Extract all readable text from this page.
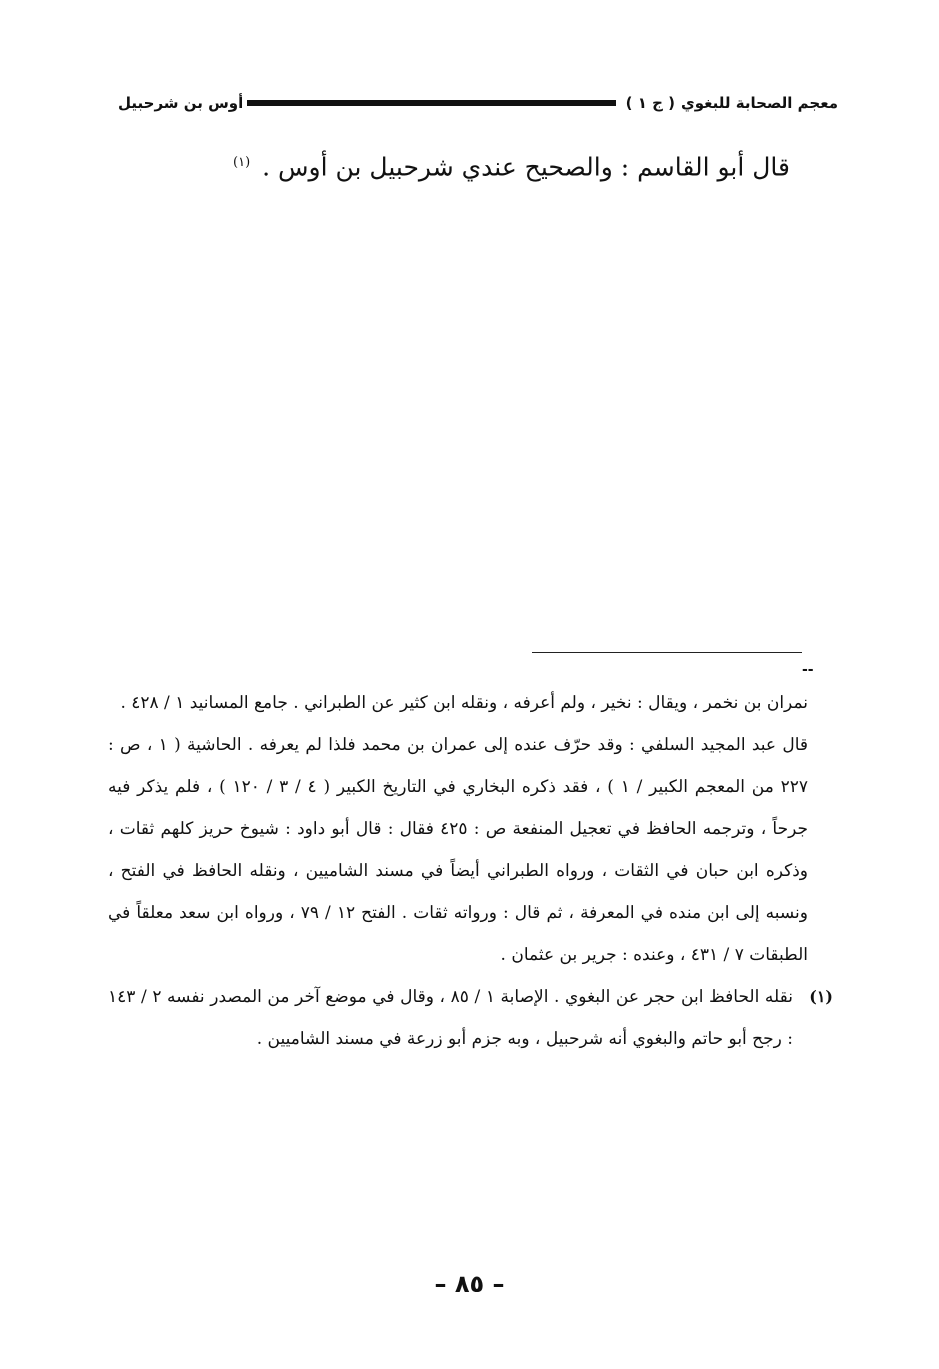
معجم الصحابة للبغوي
( ج ١ )
أوس بن شرحبيل
قال أبو القاسم : والصحيح عندي شرحبيل بن أوس . $^{(١)}$
--

نمران بن نخمر ، ويقال : نخير ، ولم أعرفه ، ونقله ابن كثير عن الطبراني . جامع المسانيد ١ / ٤٢٨ .

قال عبد المجيد السلفي : وقد حرّف عنده إلى عمران بن محمد فلذا لم يعرفه . الحاشية ( ١ ، ص : ٢٢٧ من المعجم الكبير / ١ ) ، فقد ذكره البخاري في التاريخ الكبير ( ٤ / ٣ / ١٢٠ ) ، فلم يذكر فيه جرحاً ، وترجمه الحافظ في تعجيل المنفعة ص : ٤٢٥ فقال : قال أبو داود : شيوخ حريز كلهم ثقات ، وذكره ابن حبان في الثقات ، ورواه الطبراني أيضاً في مسند الشاميين ، ونقله الحافظ في الفتح ، ونسبه إلى ابن منده في المعرفة ، ثم قال : ورواته ثقات . الفتح ١٢ / ٧٩ ، ورواه ابن سعد معلقاً في الطبقات ٧ / ٤٣١ ، وعنده : جرير بن عثمان .

(١)
نقله الحافظ ابن حجر عن البغوي . الإصابة ١ / ٨٥ ، وقال في موضع آخر من المصدر نفسه ٢ / ١٤٣ : رجح أبو حاتم والبغوي أنه شرحبيل ، وبه جزم أبو زرعة في مسند الشاميين .

– ٨٥ –
